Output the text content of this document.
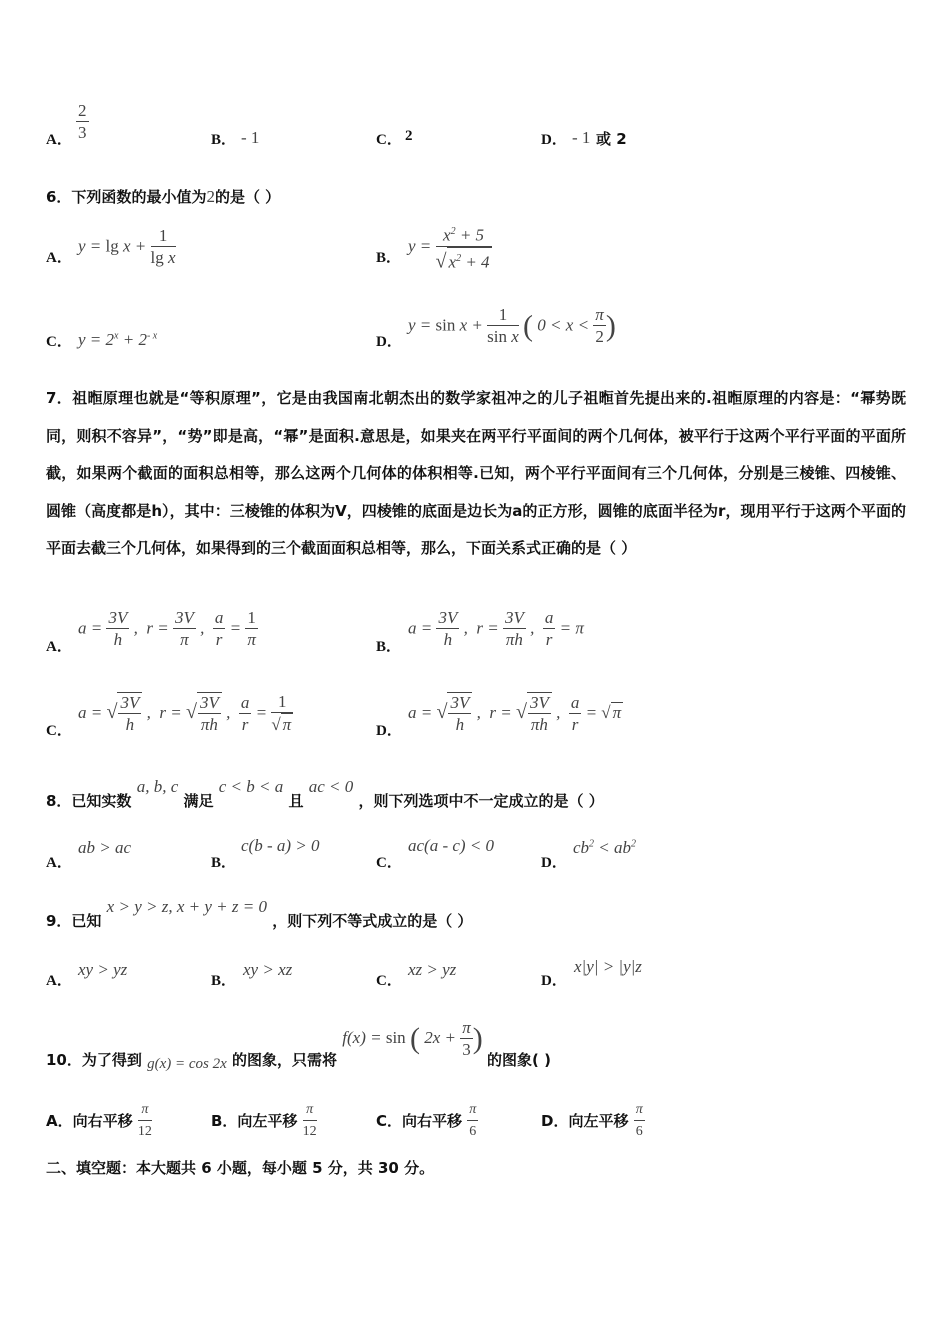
A． $\frac{2}{3}$	B． - 1	C． 2	D． - 1 或 2
6．下列函数的最小值为2的是（ ）
A．
$y = \lg x + \frac{1}{\text{lg x}}$	B．
$y = \frac{x^2 + 5}{√ x^2 + 4}$
C． $y = 2^x + 2^{- x}$	D．
$y = \sin x + \frac{1}{\text{sin x}}$ ( $0 < x < \frac{\pi}{2}$ )
7．祖暅原理也就是“等积原理”，它是由我国南北朝杰出的数学家祖冲之的儿子祖暅首先提出来的.祖暅原理的内容是：“幂势既同，则积不容异”，“势”即是高，“幂”是面积.意思是，如果夹在两平行平面间的两个几何体，被平行于这两个平行平面的平面所截，如果两个截面的面积总相等，那么这两个几何体的体积相等.已知，两个平行平面间有三个几何体，分别是三棱锥、四棱锥、圆锥（高度都是h），其中：三棱锥的体积为V，四棱锥的底面是边长为a的正方形，圆锥的底面半径为r，现用平行于这两个平面的平面去截三个几何体，如果得到的三个截面面积总相等，那么，下面关系式正确的是（ ）
A．
$a = \frac{3V}{h}$ ,  $r = \frac{3V}{\pi}$ , $\frac{a}{r} = \frac{1}{\pi}$	B．
$a = \frac{3V}{h}$ ,  $r = \frac{3V}{\pi h}$ , $\frac{a}{r} = \pi$
C．
a = √ $\frac{3V}{h}$ ,  r = √ $\frac{3V}{\pi h}$ , $\frac{a}{r} = \frac{1}{√ \pi}$	D．
a = √ $\frac{3V}{h}$ ,  r = √ $\frac{3V}{\pi h}$ , $\frac{a}{r}$ = √ π
8．已知实数 a, b, c 满足 c < b < a 且 ac < 0 ，则下列选项中不一定成立的是（ ）
A．
ab > ac
B．
c(b - a) > 0
C．
ac(a - c) < 0
D．
$cb^2 < ab^2$
9．已知 x > y > z, x + y + z = 0 ，则下列不等式成立的是（ ）
A．
xy > yz
B．
xy > xz
C．
xz > yz
D．
x|y| > |y|z
10．为了得到 g(x) = cos 2x 的图象，只需将 f(x) = sin ( $2x + \frac{\pi}{3}$ ) 的图象( )
A．向右平移 $\frac{\pi}{12}$	B．向左平移 $\frac{\pi}{12}$	C．向右平移 $\frac{\pi}{6}$	D．向左平移 $\frac{\pi}{6}$
二、填空题：本大题共 6 小题，每小题 5 分，共 30 分。
